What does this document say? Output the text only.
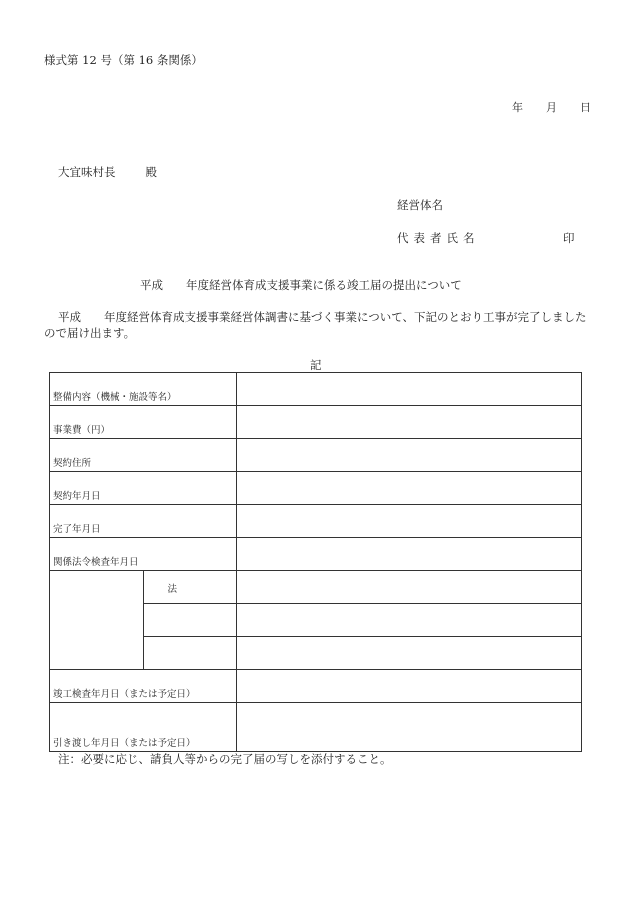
様式第 12 号（第 16 条関係）
年 月 日
大宜味村長	殿
経営体名
代表者氏名	印
平成　　年度経営体育成支援事業に係る竣工届の提出について
平成　　年度経営体育成支援事業経営体調書に基づく事業について、下記のとおり工事が完了しましたので届け出ます。
記
整備内容（機械・施設等名）		

事業費（円）		

契約住所		

契約年月日		

完了年月日		

関係法令検査年月日		

	法	

竣工検査年月日（または予定日）		

引き渡し年月日（または予定日）		

注：必要に応じ、請負人等からの完了届の写しを添付すること。
